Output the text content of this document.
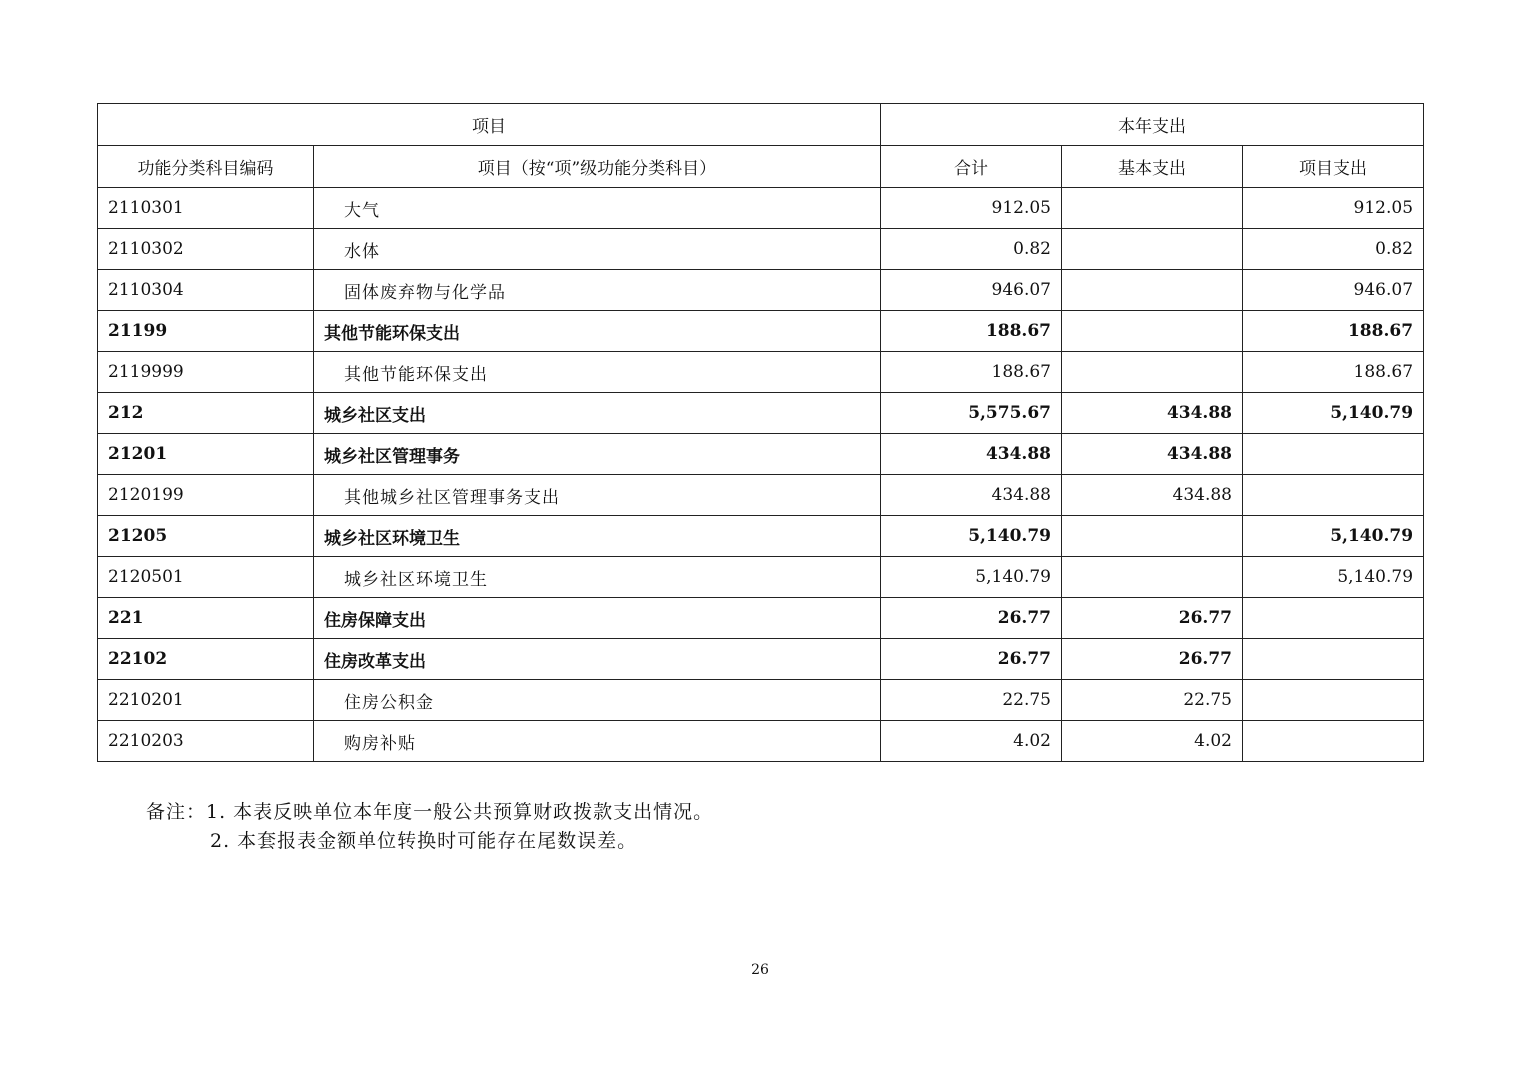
项目		本年支出		
功能分类科目编码	项目（按“项”级功能分类科目）	合计	基本支出	项目支出
2110301	大气	912.05		912.05
2110302	水体	0.82		0.82
2110304	固体废弃物与化学品	946.07		946.07
21199	其他节能环保支出	188.67		188.67
2119999	其他节能环保支出	188.67		188.67
212	城乡社区支出	5,575.67	434.88	5,140.79
21201	城乡社区管理事务	434.88	434.88	
2120199	其他城乡社区管理事务支出	434.88	434.88	
21205	城乡社区环境卫生	5,140.79		5,140.79
2120501	城乡社区环境卫生	5,140.79		5,140.79
221	住房保障支出	26.77	26.77	
22102	住房改革支出	26.77	26.77	
2210201	住房公积金	22.75	22.75	
2210203	购房补贴	4.02	4.02	
备注：1. 本表反映单位本年度一般公共预算财政拨款支出情况。
2. 本套报表金额单位转换时可能存在尾数误差。
26
